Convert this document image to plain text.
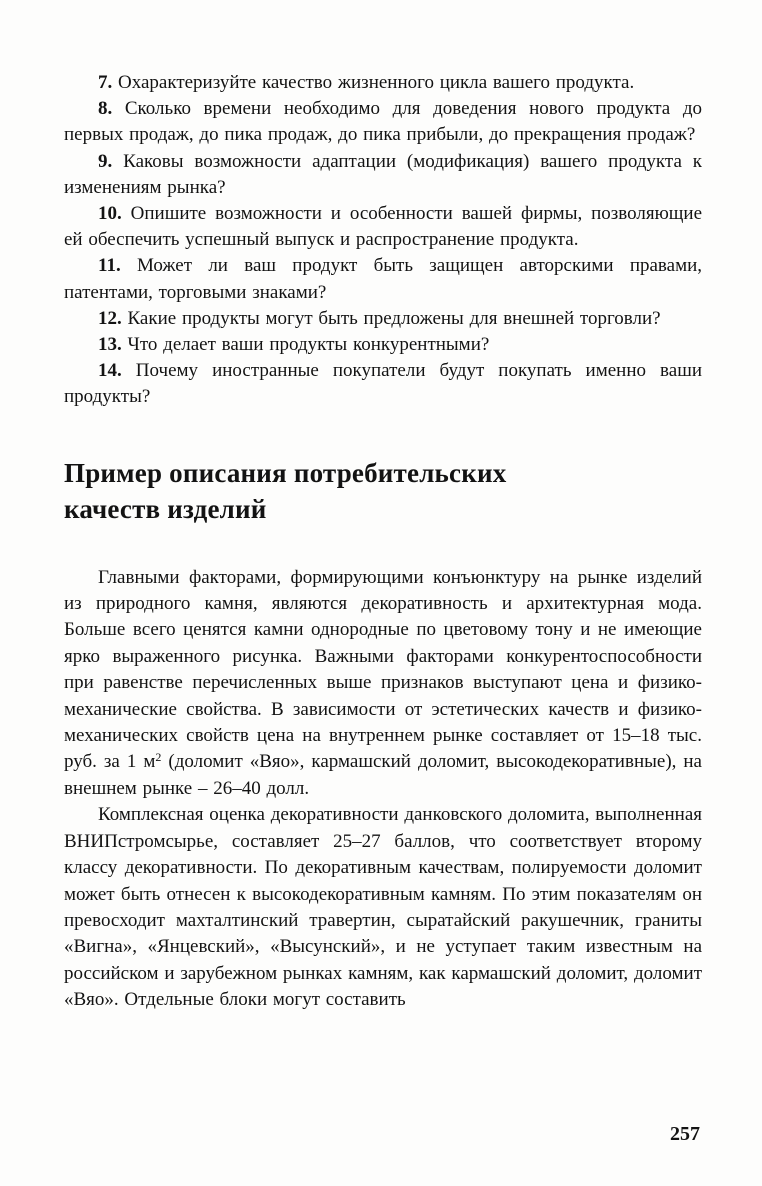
7. Охарактеризуйте качество жизненного цикла вашего продукта.

8. Сколько времени необходимо для доведения нового продукта до первых продаж, до пика продаж, до пика прибыли, до прекращения продаж?

9. Каковы возможности адаптации (модификация) вашего продукта к изменениям рынка?

10. Опишите возможности и особенности вашей фирмы, позволяющие ей обеспечить успешный выпуск и распространение продукта.

11. Может ли ваш продукт быть защищен авторскими правами, патентами, торговыми знаками?

12. Какие продукты могут быть предложены для внешней торговли?

13. Что делает ваши продукты конкурентными?

14. Почему иностранные покупатели будут покупать именно ваши продукты?

Пример описания потребительских
качеств изделий

Главными факторами, формирующими конъюнктуру на рынке изделий из природного камня, являются декоративность и архитектурная мода. Больше всего ценятся камни однородные по цветовому тону и не имеющие ярко выраженного рисунка. Важными факторами конкурентоспособности при равенстве перечисленных выше признаков выступают цена и физико-механические свойства. В зависимости от эстетических качеств и физико-механических свойств цена на внутреннем рынке составляет от 15–18 тыс. руб. за 1 $м^2$ (доломит «Вяо», кармашский доломит, высокодекоративные), на внешнем рынке – 26–40 долл.

Комплексная оценка декоративности данковского доломита, выполненная ВНИПстромсырье, составляет 25–27 баллов, что соответствует второму классу декоративности. По декоративным качествам, полируемости доломит может быть отнесен к высокодекоративным камням. По этим показателям он превосходит махталтинский травертин, сыратайский ракушечник, граниты «Вигна», «Янцевский», «Высунский», и не уступает таким известным на российском и зарубежном рынках камням, как кармашский доломит, доломит «Вяо». Отдельные блоки могут составить

257
